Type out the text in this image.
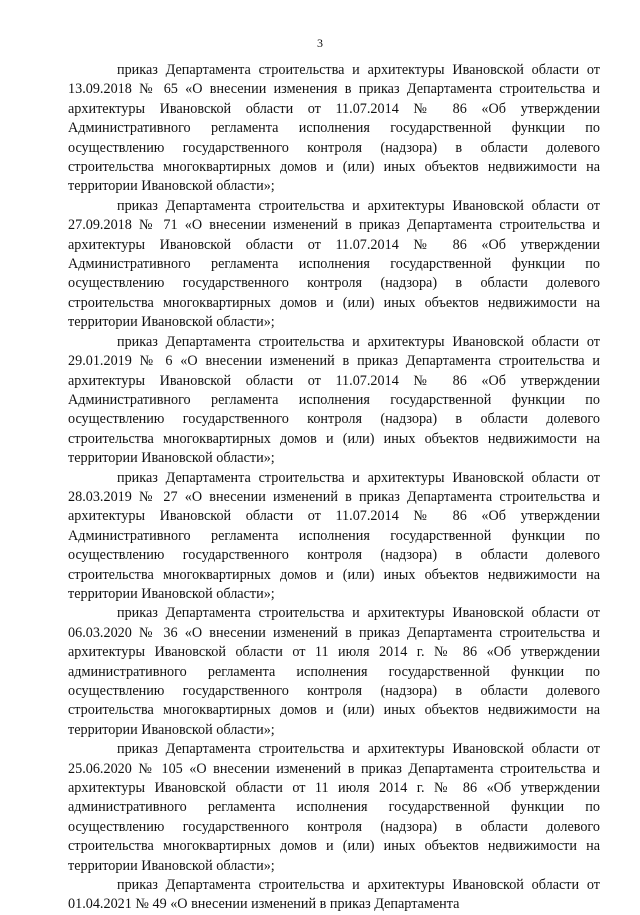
3

приказ Департамента строительства и архитектуры Ивановской области от 13.09.2018 № 65 «О внесении изменения в приказ Департамента строительства и архитектуры Ивановской области от 11.07.2014 № 86 «Об утверждении Административного регламента исполнения государственной функции по осуществлению государственного контроля (надзора) в области долевого строительства многоквартирных домов и (или) иных объектов недвижимости на территории Ивановской области»;

приказ Департамента строительства и архитектуры Ивановской области от 27.09.2018 № 71 «О внесении изменений в приказ Департамента строительства и архитектуры Ивановской области от 11.07.2014 № 86 «Об утверждении Административного регламента исполнения государственной функции по осуществлению государственного контроля (надзора) в области долевого строительства многоквартирных домов и (или) иных объектов недвижимости на территории Ивановской области»;

приказ Департамента строительства и архитектуры Ивановской области от 29.01.2019 № 6 «О внесении изменений в приказ Департамента строительства и архитектуры Ивановской области от 11.07.2014 № 86 «Об утверждении Административного регламента исполнения государственной функции по осуществлению государственного контроля (надзора) в области долевого строительства многоквартирных домов и (или) иных объектов недвижимости на территории Ивановской области»;

приказ Департамента строительства и архитектуры Ивановской области от 28.03.2019 № 27 «О внесении изменений в приказ Департамента строительства и архитектуры Ивановской области от 11.07.2014 № 86 «Об утверждении Административного регламента исполнения государственной функции по осуществлению государственного контроля (надзора) в области долевого строительства многоквартирных домов и (или) иных объектов недвижимости на территории Ивановской области»;

приказ Департамента строительства и архитектуры Ивановской области от 06.03.2020 № 36 «О внесении изменений в приказ Департамента строительства и архитектуры Ивановской области от 11 июля 2014 г. № 86 «Об утверждении административного регламента исполнения государственной функции по осуществлению государственного контроля (надзора) в области долевого строительства многоквартирных домов и (или) иных объектов недвижимости на территории Ивановской области»;

приказ Департамента строительства и архитектуры Ивановской области от 25.06.2020 № 105 «О внесении изменений в приказ Департамента строительства и архитектуры Ивановской области от 11 июля 2014 г. № 86 «Об утверждении административного регламента исполнения государственной функции по осуществлению государственного контроля (надзора) в области долевого строительства многоквартирных домов и (или) иных объектов недвижимости на территории Ивановской области»;

приказ Департамента строительства и архитектуры Ивановской области от 01.04.2021 № 49 «О внесении изменений в приказ Департамента
